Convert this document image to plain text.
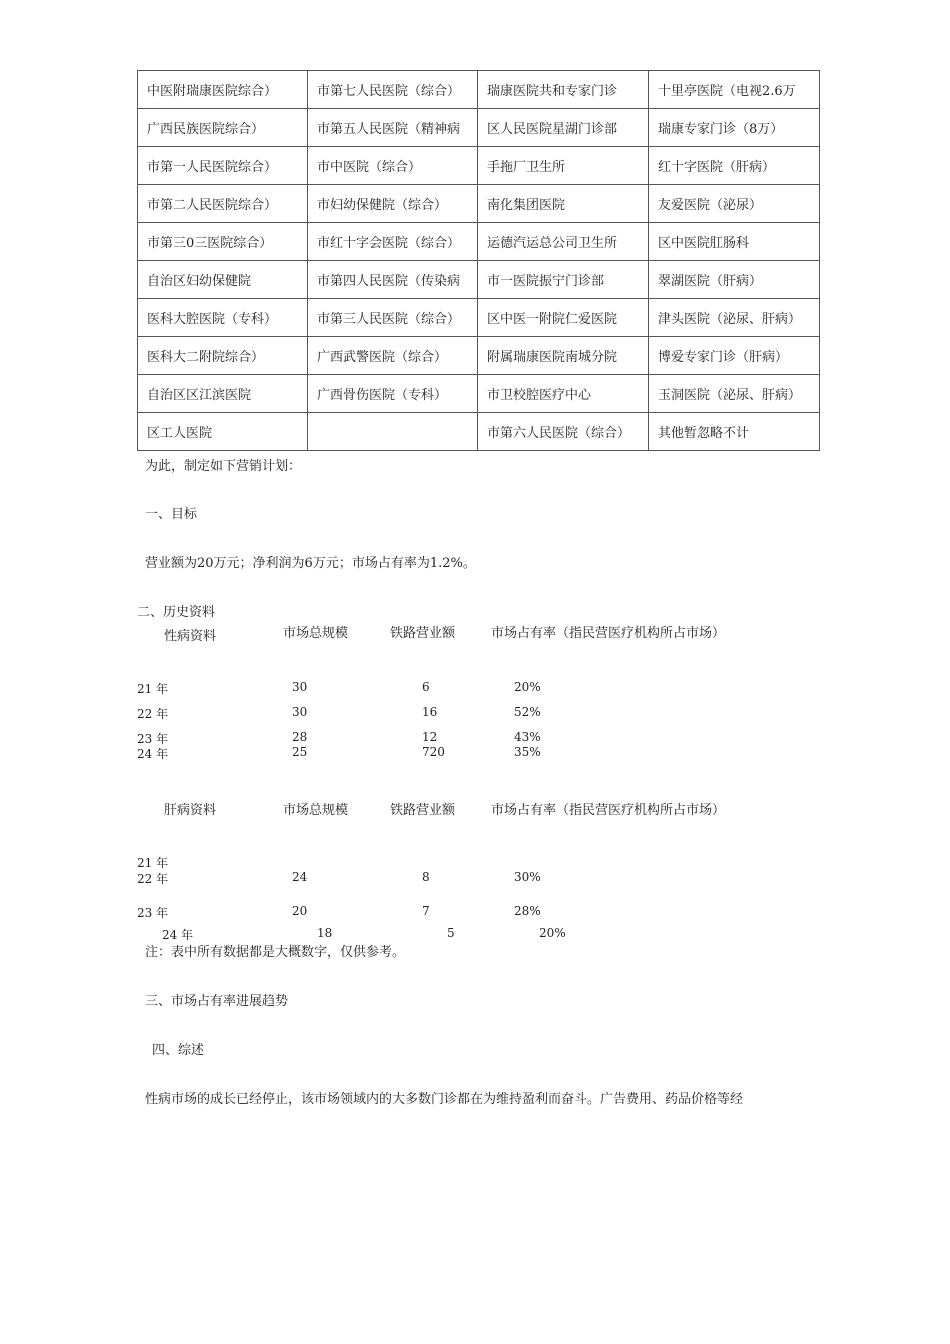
中医附瑞康医院综合）	市第七人民医院（综合）	瑞康医院共和专家门诊	十里亭医院（电视2.6万
广西民族医院综合）	市第五人民医院（精神病	区人民医院星湖门诊部	瑞康专家门诊（8万）
市第一人民医院综合）	市中医院（综合）	手拖厂卫生所	红十字医院（肝病）
市第二人民医院综合）	市妇幼保健院（综合）	南化集团医院	友爱医院（泌尿）
市第三0三医院综合）	市红十字会医院（综合）	运德汽运总公司卫生所	区中医院肛肠科
自治区妇幼保健院	市第四人民医院（传染病	市一医院振宁门诊部	翠湖医院（肝病）
医科大腔医院（专科）	市第三人民医院（综合）	区中医一附院仁爱医院	津头医院（泌尿、肝病）
医科大二附院综合）	广西武警医院（综合）	附属瑞康医院南城分院	博爱专家门诊（肝病）
自治区区江滨医院	广西骨伤医院（专科）	市卫校腔医疗中心	玉洞医院（泌尿、肝病）
区工人医院		市第六人民医院（综合）	其他暂忽略不计
为此，制定如下营销计划：
一、目标
营业额为20万元；净利润为6万元；市场占有率为1.2%。
二、历史资料
性病资料	市场总规模	铁路营业额	市场占有率（指民营医疗机构所占市场）
21 年	30	6	20%
22 年	30	16	52%
23 年	28	12	43%
24 年	25	720	35%
肝病资料	市场总规模	铁路营业额	市场占有率（指民营医疗机构所占市场）
21 年
22 年	24	8	30%
23 年	20	7	28%
24 年	18	5	20%
注：表中所有数据都是大概数字，仅供参考。
三、市场占有率进展趋势
四、综述
性病市场的成长已经停止，该市场领域内的大多数门诊都在为维持盈利而奋斗。广告费用、药品价格等经
